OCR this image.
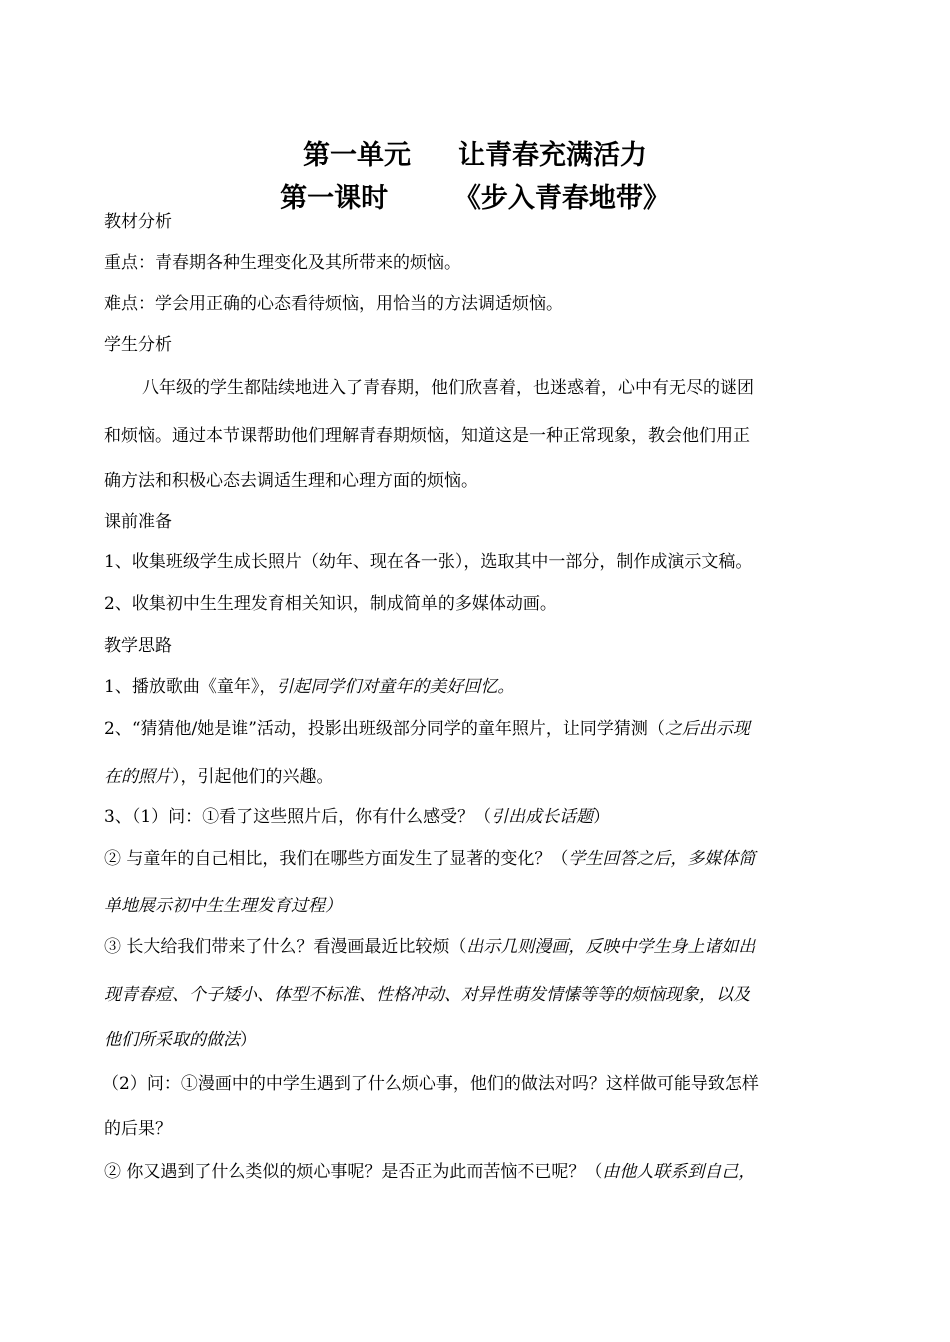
第一单元     让青春充满活力
第一课时       《步入青春地带》
教材分析
重点：青春期各种生理变化及其所带来的烦恼。
难点：学会用正确的心态看待烦恼，用恰当的方法调适烦恼。
学生分析
八年级的学生都陆续地进入了青春期，他们欣喜着，也迷惑着，心中有无尽的谜团
和烦恼。通过本节课帮助他们理解青春期烦恼，知道这是一种正常现象，教会他们用正
确方法和积极心态去调适生理和心理方面的烦恼。
课前准备
1、收集班级学生成长照片（幼年、现在各一张），选取其中一部分，制作成演示文稿。
2、收集初中生生理发育相关知识，制成简单的多媒体动画。
教学思路
1、播放歌曲《童年》，引起同学们对童年的美好回忆。
2、“猜猜他/她是谁”活动，投影出班级部分同学的童年照片，让同学猜测（之后出示现
在的照片），引起他们的兴趣。
3、（1）问：①看了这些照片后，你有什么感受？（引出成长话题）
② 与童年的自己相比，我们在哪些方面发生了显著的变化？（学生回答之后，多媒体简
单地展示初中生生理发育过程）
③ 长大给我们带来了什么？看漫画最近比较烦（出示几则漫画，反映中学生身上诸如出
现青春痘、个子矮小、体型不标准、性格冲动、对异性萌发情愫等等的烦恼现象，以及
他们所采取的做法）
（2）问：①漫画中的中学生遇到了什么烦心事，他们的做法对吗？这样做可能导致怎样
的后果？
② 你又遇到了什么类似的烦心事呢？是否正为此而苦恼不已呢？（由他人联系到自己，
